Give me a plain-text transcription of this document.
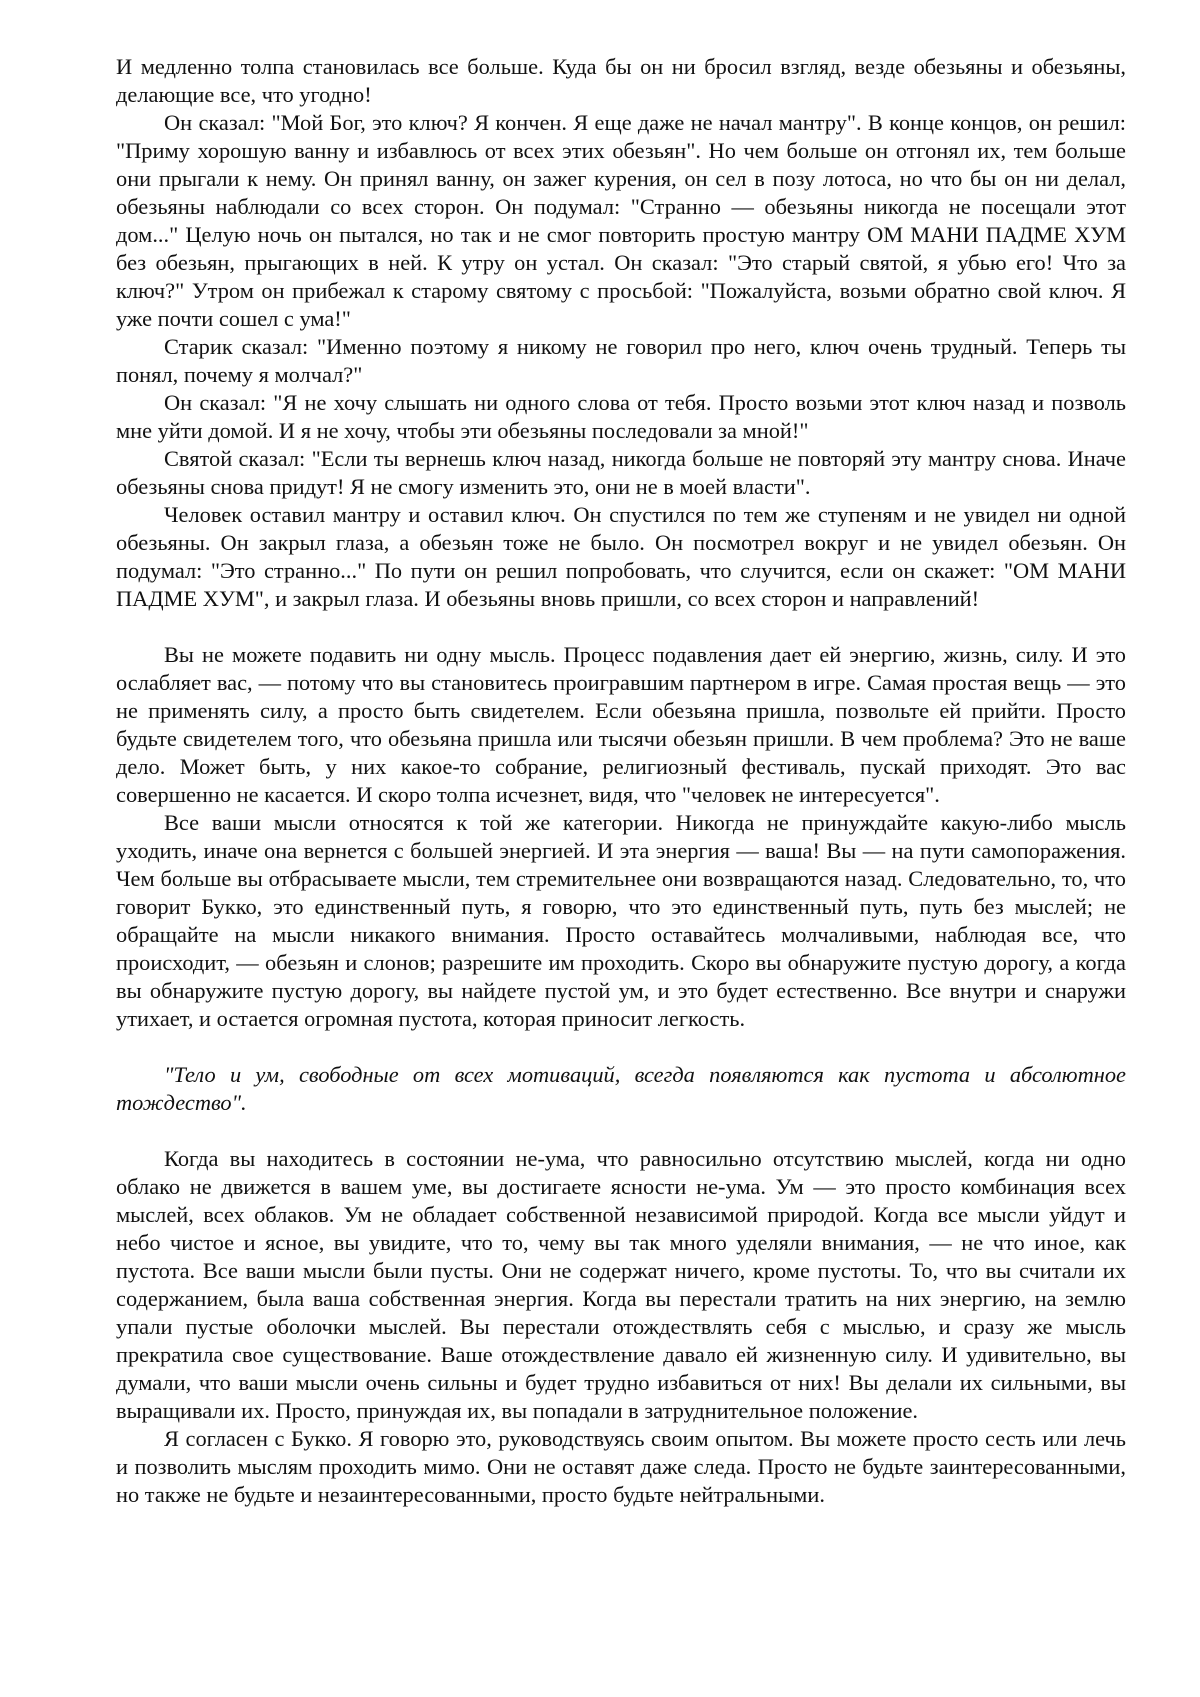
И медленно толпа становилась все больше. Куда бы он ни бросил взгляд, везде обезьяны и обезьяны, делающие все, что угодно!

Он сказал: "Мой Бог, это ключ? Я кончен. Я еще даже не начал мантру". В конце концов, он решил: "Приму хорошую ванну и избавлюсь от всех этих обезьян". Но чем больше он отгонял их, тем больше они прыгали к нему. Он принял ванну, он зажег курения, он сел в позу лотоса, но что бы он ни делал, обезьяны наблюдали со всех сторон. Он подумал: "Странно — обезьяны никогда не посещали этот дом..." Целую ночь он пытался, но так и не смог повторить простую мантру ОМ МАНИ ПАДМЕ ХУМ без обезьян, прыгающих в ней. К утру он устал. Он сказал: "Это старый святой, я убью его! Что за ключ?" Утром он прибежал к старому святому с просьбой: "Пожалуйста, возьми обратно свой ключ. Я уже почти сошел с ума!"

Старик сказал: "Именно поэтому я никому не говорил про него, ключ очень трудный. Теперь ты понял, почему я молчал?"

Он сказал: "Я не хочу слышать ни одного слова от тебя. Просто возьми этот ключ назад и позволь мне уйти домой. И я не хочу, чтобы эти обезьяны последовали за мной!"

Святой сказал: "Если ты вернешь ключ назад, никогда больше не повторяй эту мантру снова. Иначе обезьяны снова придут! Я не смогу изменить это, они не в моей власти".

Человек оставил мантру и оставил ключ. Он спустился по тем же ступеням и не увидел ни одной обезьяны. Он закрыл глаза, а обезьян тоже не было. Он посмотрел вокруг и не увидел обезьян. Он подумал: "Это странно..." По пути он решил попробовать, что случится, если он скажет: "ОМ МАНИ ПАДМЕ ХУМ", и закрыл глаза. И обезьяны вновь пришли, со всех сторон и направлений!

Вы не можете подавить ни одну мысль. Процесс подавления дает ей энергию, жизнь, силу. И это ослабляет вас, — потому что вы становитесь проигравшим партнером в игре. Самая простая вещь — это не применять силу, а просто быть свидетелем. Если обезьяна пришла, позвольте ей прийти. Просто будьте свидетелем того, что обезьяна пришла или тысячи обезьян пришли. В чем проблема? Это не ваше дело. Может быть, у них какое-то собрание, религиозный фестиваль, пускай приходят. Это вас совершенно не касается. И скоро толпа исчезнет, видя, что "человек не интересуется".

Все ваши мысли относятся к той же категории. Никогда не принуждайте какую-либо мысль уходить, иначе она вернется с большей энергией. И эта энергия — ваша! Вы — на пути самопоражения. Чем больше вы отбрасываете мысли, тем стремительнее они возвращаются назад. Следовательно, то, что говорит Букко, это единственный путь, я говорю, что это единственный путь, путь без мыслей; не обращайте на мысли никакого внимания. Просто оставайтесь молчаливыми, наблюдая все, что происходит, — обезьян и слонов; разрешите им проходить. Скоро вы обнаружите пустую дорогу, а когда вы обнаружите пустую дорогу, вы найдете пустой ум, и это будет естественно. Все внутри и снаружи утихает, и остается огромная пустота, которая приносит легкость.

"Тело и ум, свободные от всех мотиваций, всегда появляются как пустота и абсолютное тождество".

Когда вы находитесь в состоянии не-ума, что равносильно отсутствию мыслей, когда ни одно облако не движется в вашем уме, вы достигаете ясности не-ума. Ум — это просто комбинация всех мыслей, всех облаков. Ум не обладает собственной независимой природой. Когда все мысли уйдут и небо чистое и ясное, вы увидите, что то, чему вы так много уделяли внимания, — не что иное, как пустота. Все ваши мысли были пусты. Они не содержат ничего, кроме пустоты. То, что вы считали их содержанием, была ваша собственная энергия. Когда вы перестали тратить на них энергию, на землю упали пустые оболочки мыслей. Вы перестали отождествлять себя с мыслью, и сразу же мысль прекратила свое существование. Ваше отождествление давало ей жизненную силу. И удивительно, вы думали, что ваши мысли очень сильны и будет трудно избавиться от них! Вы делали их сильными, вы выращивали их. Просто, принуждая их, вы попадали в затруднительное положение.

Я согласен с Букко. Я говорю это, руководствуясь своим опытом. Вы можете просто сесть или лечь и позволить мыслям проходить мимо. Они не оставят даже следа. Просто не будьте заинтересованными, но также не будьте и незаинтересованными, просто будьте нейтральными.
